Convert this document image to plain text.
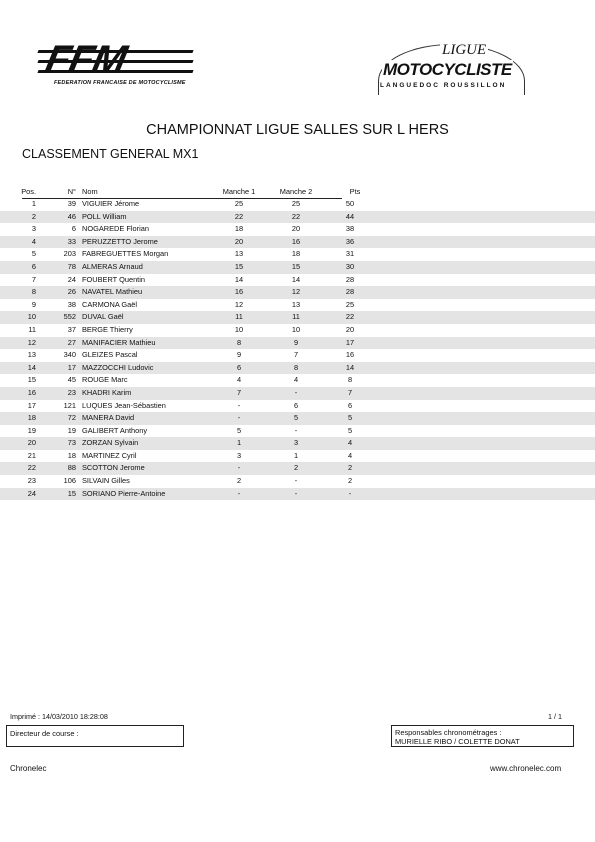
FFM
FEDERATION FRANCAISE DE MOTOCYCLISME
LIGUE
MOTOCYCLISTE
LANGUEDOC ROUSSILLON
CHAMPIONNAT LIGUE SALLES SUR L HERS
CLASSEMENT GENERAL MX1
Pos.	N° Nom	Manche 1	Manche 2	Pts
1	39 VIGUIER Jérome	25	25	50
2	46 POLL William	22	22	44
3	6 NOGAREDE Florian	18	20	38
4	33 PERUZZETTO Jerome	20	16	36
5	203 FABREGUETTES Morgan	13	18	31
6	78 ALMERAS Arnaud	15	15	30
7	24 FOUBERT Quentin	14	14	28
8	26 NAVATEL Mathieu	16	12	28
9	38 CARMONA Gaël	12	13	25
10	552 DUVAL Gaël	11	11	22
11	37 BERGE Thierry	10	10	20
12	27 MANIFACIER Mathieu	8	9	17
13	340 GLEIZES Pascal	9	7	16
14	17 MAZZOCCHI Ludovic	6	8	14
15	45 ROUGE Marc	4	4	8
16	23 KHADRI Karim	7	-	7
17	121 LUQUES Jean-Sébastien	-	6	6
18	72 MANERA David	-	5	5
19	19 GALIBERT Anthony	5	-	5
20	73 ZORZAN Sylvain	1	3	4
21	18 MARTINEZ Cyril	3	1	4
22	88 SCOTTON Jerome	-	2	2
23	106 SILVAIN Gilles	2	-	2
24	15 SORIANO Pierre-Antoine	-	-	-
Imprimé : 14/03/2010 18:28:08	1 / 1
Directeur de course :	Responsables chronométrages :
MURIELLE RIBO / COLETTE DONAT
Chronelec	www.chronelec.com
